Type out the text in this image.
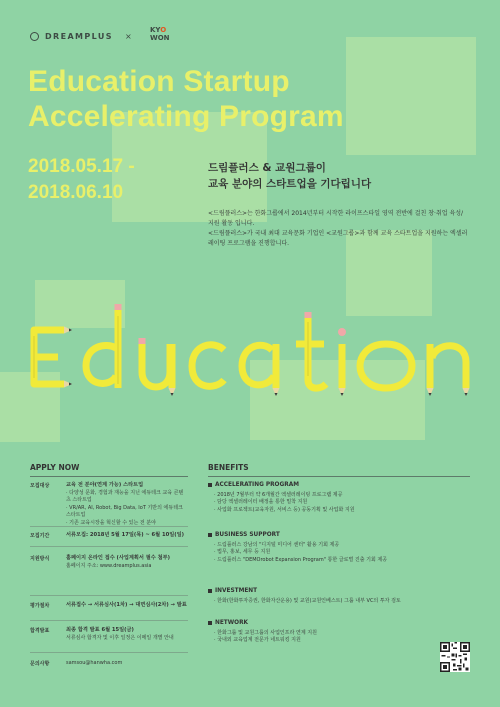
DREAMPLUS ×
KYO
WON
Education Startup
Accelerating Program
2018.05.17 -
2018.06.10
드림플러스 & 교원그룹이
교육 분야의 스타트업을 기다립니다
<드림플러스>는 한화그룹에서 2014년부터 시작한 라이프스타일 영역 전반에 걸친 창·취업 육성/지원 활동 입니다.
<드림플러스>가 국내 최대 교육문화 기업인 <교원그룹>과 함께 교육 스타트업을 지원하는 엑셀러레이팅 프로그램을 진행합니다.
APPLY NOW	BENEFITS
모집대상	교육 전 분야(연계 가능) 스타트업
· 다양성 문화, 경험과 재능을 지닌 에듀테크 교육 콘텐츠 스타트업
· VR/AR, AI, Robot, Big Data, IoT 기반의 에듀테크 스타트업
· 기존 교육시장을 혁신할 수 있는 전 분야
모집기간	서류모집: 2018년 5월 17일(목) ~ 6월 10일(일)
지원방식	홈페이지 온라인 접수 (사업계획서 필수 첨부)
홈페이지 주소: www.dreamplus.asia
평가절차	서류접수 → 서류심사(1차) → 대면심사(2차) → 발표
합격발표	최종 합격 발표 6월 15일(금)
서류심사 합격자 및 이후 일정은 이메일 개별 안내
문의사항	samsou@hanwha.com
ACCELERATING PROGRAM
· 2018년 7월부터 약 6개월간 엑셀러레이팅 프로그램 제공
· 담당 엑셀러레이터 배정을 통한 밀착 지원
· 사업화 프로젝트(교육자원, 서비스 등) 공동기획 및 사업화 지원
BUSINESS SUPPORT
· 드림플러스 강남의 "디지털 미디어 센터" 활용 기회 제공
· 법무, 홍보, 세무 등 지원
· 드림플러스 "DEMOrobot Expansion Program" 통한 글로벌 진출 기회 제공
INVESTMENT
· 한화(한화투자증권, 한화자산운용) 및 교원(교원인베스트) 그룹 내부 VC의 투자 검토
NETWORK
· 한화그룹 및 교원그룹의 사업인프라 연계 지원
· 국내외 교육업계 전문가 네트워킹 지원
